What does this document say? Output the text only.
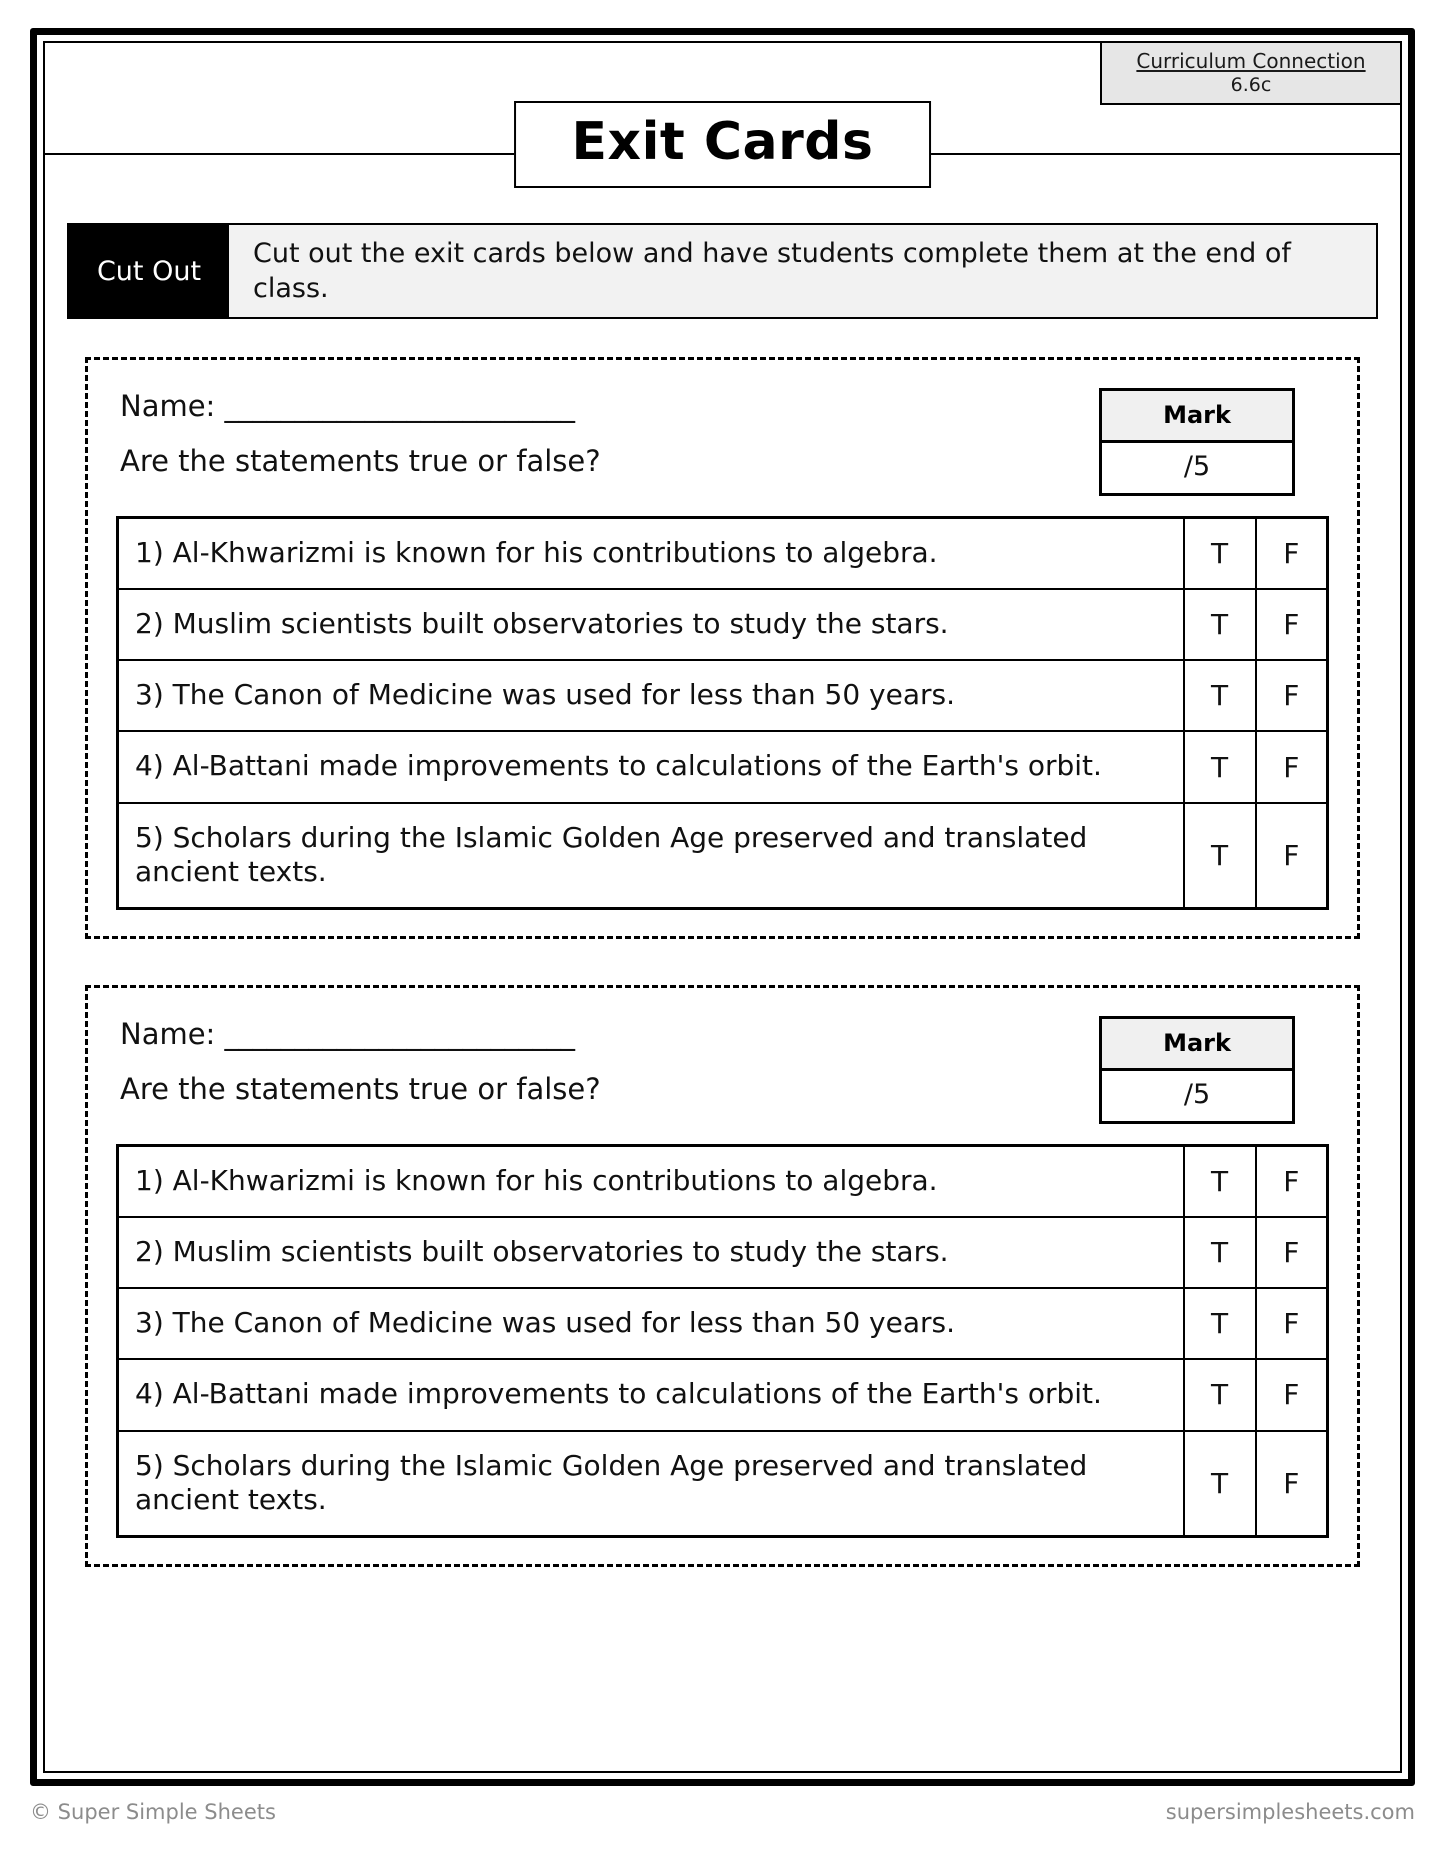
Curriculum Connection
6.6c
Exit Cards
Cut Out
Cut out the exit cards below and have students complete them at the end of class.
Name: _________________________
Are the statements true or false?
Mark
/5
1) Al-Khwarizmi is known for his contributions to algebra.	T	F
2) Muslim scientists built observatories to study the stars.	T	F
3) The Canon of Medicine was used for less than 50 years.	T	F
4) Al-Battani made improvements to calculations of the Earth's orbit.	T	F
5) Scholars during the Islamic Golden Age preserved and translated ancient texts.	T	F
Name: _________________________
Are the statements true or false?
Mark
/5
1) Al-Khwarizmi is known for his contributions to algebra.	T	F
2) Muslim scientists built observatories to study the stars.	T	F
3) The Canon of Medicine was used for less than 50 years.	T	F
4) Al-Battani made improvements to calculations of the Earth's orbit.	T	F
5) Scholars during the Islamic Golden Age preserved and translated ancient texts.	T	F
© Super Simple Sheets	supersimplesheets.com
